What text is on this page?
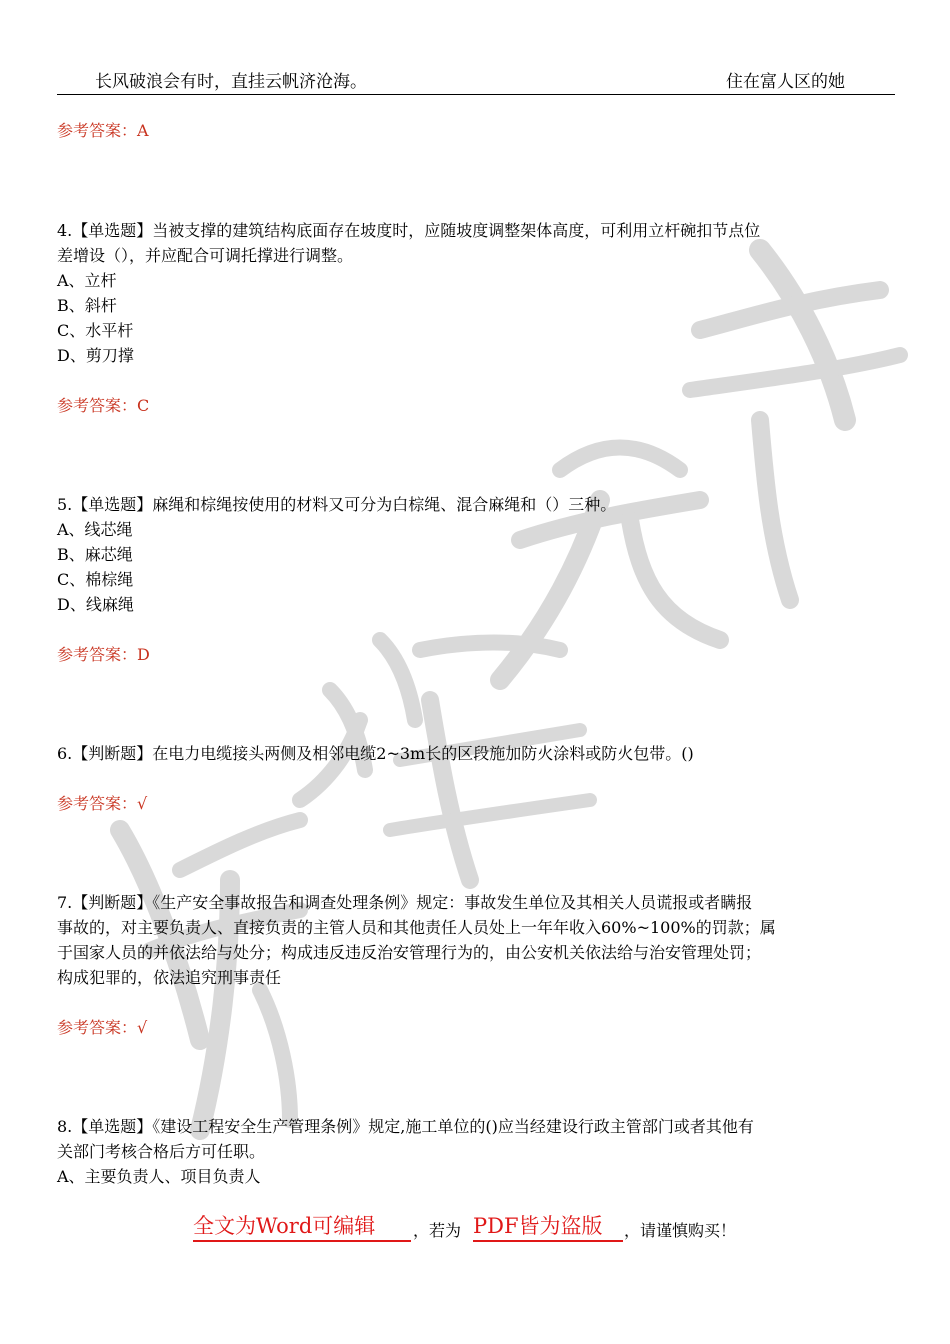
长风破浪会有时，直挂云帆济沧海。	住在富人区的她
参考答案：A
4.【单选题】当被支撑的建筑结构底面存在坡度时，应随坡度调整架体高度，可利用立杆碗扣节点位
差增设（），并应配合可调托撑进行调整。
A、立杆
B、斜杆
C、水平杆
D、剪刀撑
参考答案：C
5.【单选题】麻绳和棕绳按使用的材料又可分为白棕绳、混合麻绳和（）三种。
A、线芯绳
B、麻芯绳
C、棉棕绳
D、线麻绳
参考答案：D
6.【判断题】在电力电缆接头两侧及相邻电缆2~3m长的区段施加防火涂料或防火包带。()
参考答案：√
7.【判断题】《生产安全事故报告和调查处理条例》规定：事故发生单位及其相关人员谎报或者瞒报
事故的，对主要负责人、直接负责的主管人员和其他责任人员处上一年年收入60%~100%的罚款；属
于国家人员的并依法给与处分；构成违反违反治安管理行为的，由公安机关依法给与治安管理处罚；
构成犯罪的，依法追究刑事责任
参考答案：√
8.【单选题】《建设工程安全生产管理条例》规定,施工单位的()应当经建设行政主管部门或者其他有
关部门考核合格后方可任职。
A、主要负责人、项目负责人
全文为Word可编辑 ，若为 PDF皆为盗版 ，请谨慎购买！
